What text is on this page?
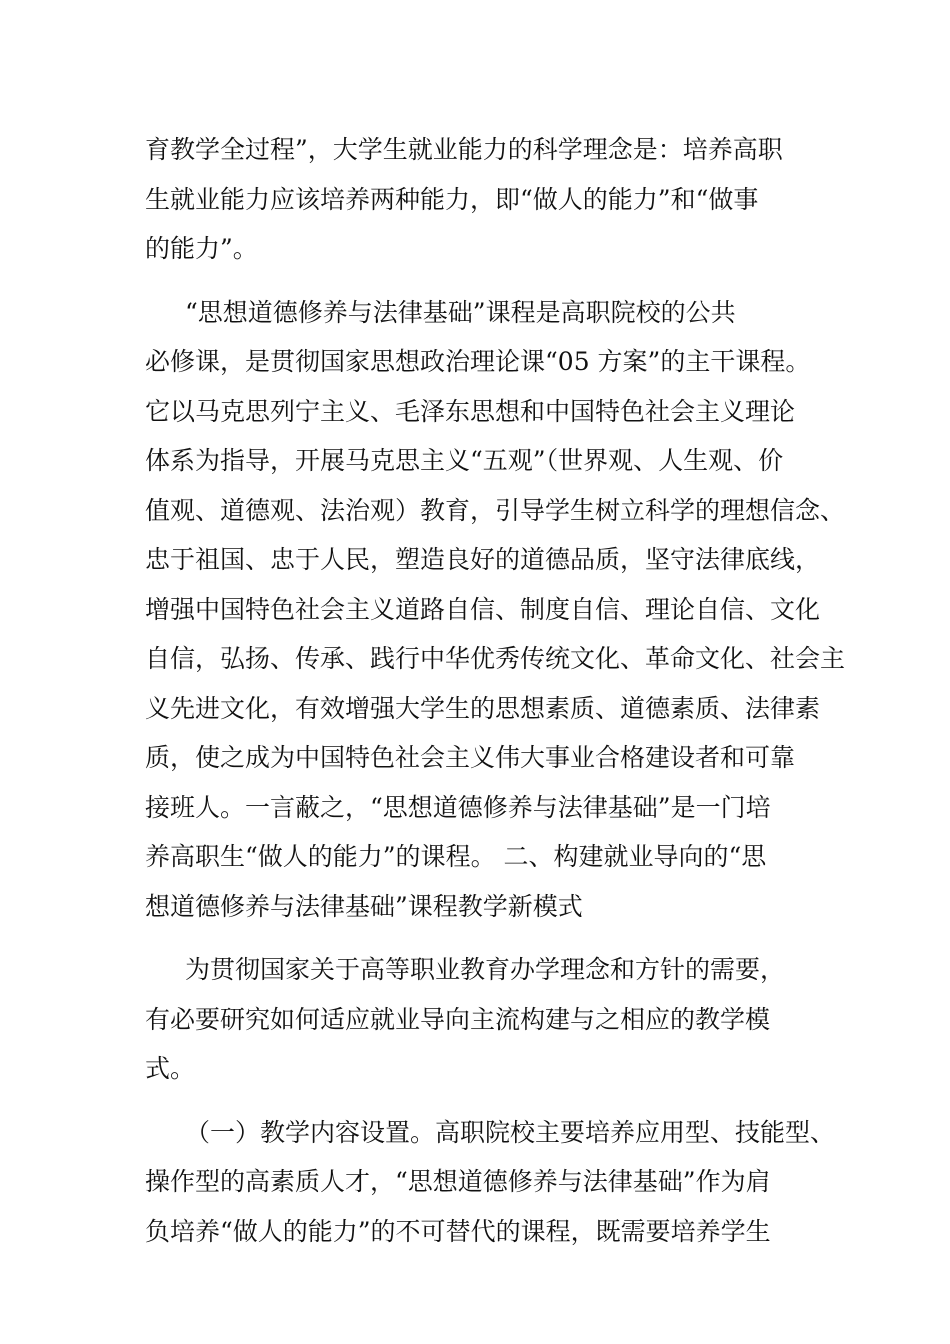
育教学全过程”，大学生就业能力的科学理念是：培养高职
生就业能力应该培养两种能力，即“做人的能力”和“做事
的能力”。
“思想道德修养与法律基础”课程是高职院校的公共
必修课，是贯彻国家思想政治理论课“05 方案”的主干课程。
它以马克思列宁主义、毛泽东思想和中国特色社会主义理论
体系为指导，开展马克思主义“五观”（世界观、人生观、价
值观、道德观、法治观）教育，引导学生树立科学的理想信念、
忠于祖国、忠于人民，塑造良好的道德品质，坚守法律底线，
增强中国特色社会主义道路自信、制度自信、理论自信、文化
自信，弘扬、传承、践行中华优秀传统文化、革命文化、社会主
义先进文化，有效增强大学生的思想素质、道德素质、法律素
质，使之成为中国特色社会主义伟大事业合格建设者和可靠
接班人。一言蔽之，“思想道德修养与法律基础”是一门培
养高职生“做人的能力”的课程。 二、构建就业导向的“思
想道德修养与法律基础”课程教学新模式
为贯彻国家关于高等职业教育办学理念和方针的需要，
有必要研究如何适应就业导向主流构建与之相应的教学模
式。
（一）教学内容设置。高职院校主要培养应用型、技能型、
操作型的高素质人才，“思想道德修养与法律基础”作为肩
负培养“做人的能力”的不可替代的课程，既需要培养学生
